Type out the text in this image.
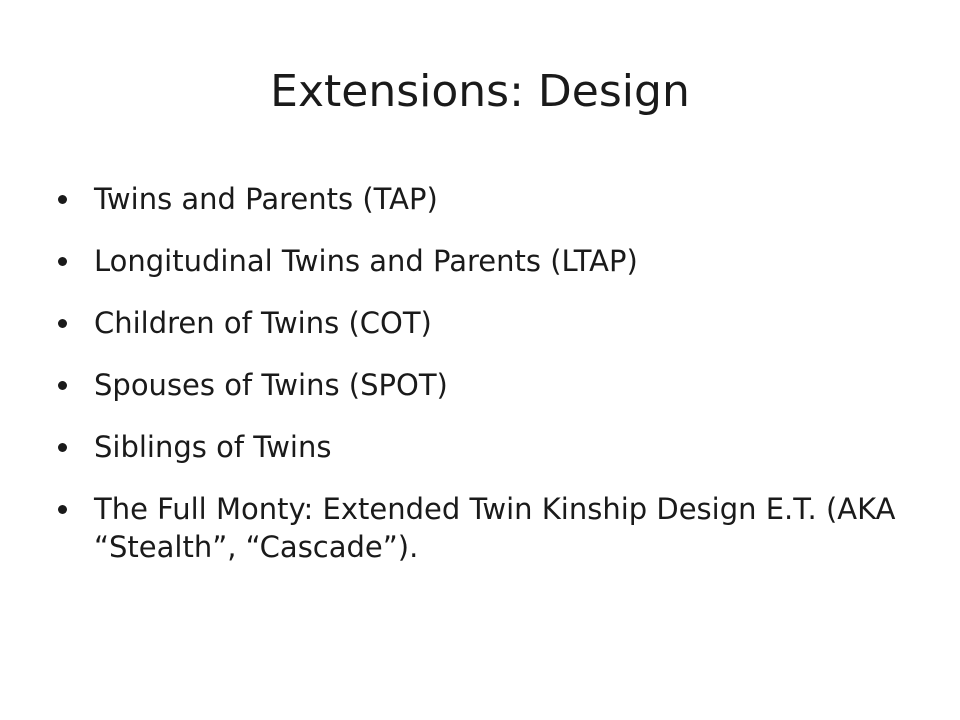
Extensions: Design
Twins and Parents (TAP)
Longitudinal Twins and Parents (LTAP)
Children of Twins (COT)
Spouses of Twins (SPOT)
Siblings of Twins
The Full Monty: Extended Twin Kinship Design E.T. (AKA “Stealth”, “Cascade”).
